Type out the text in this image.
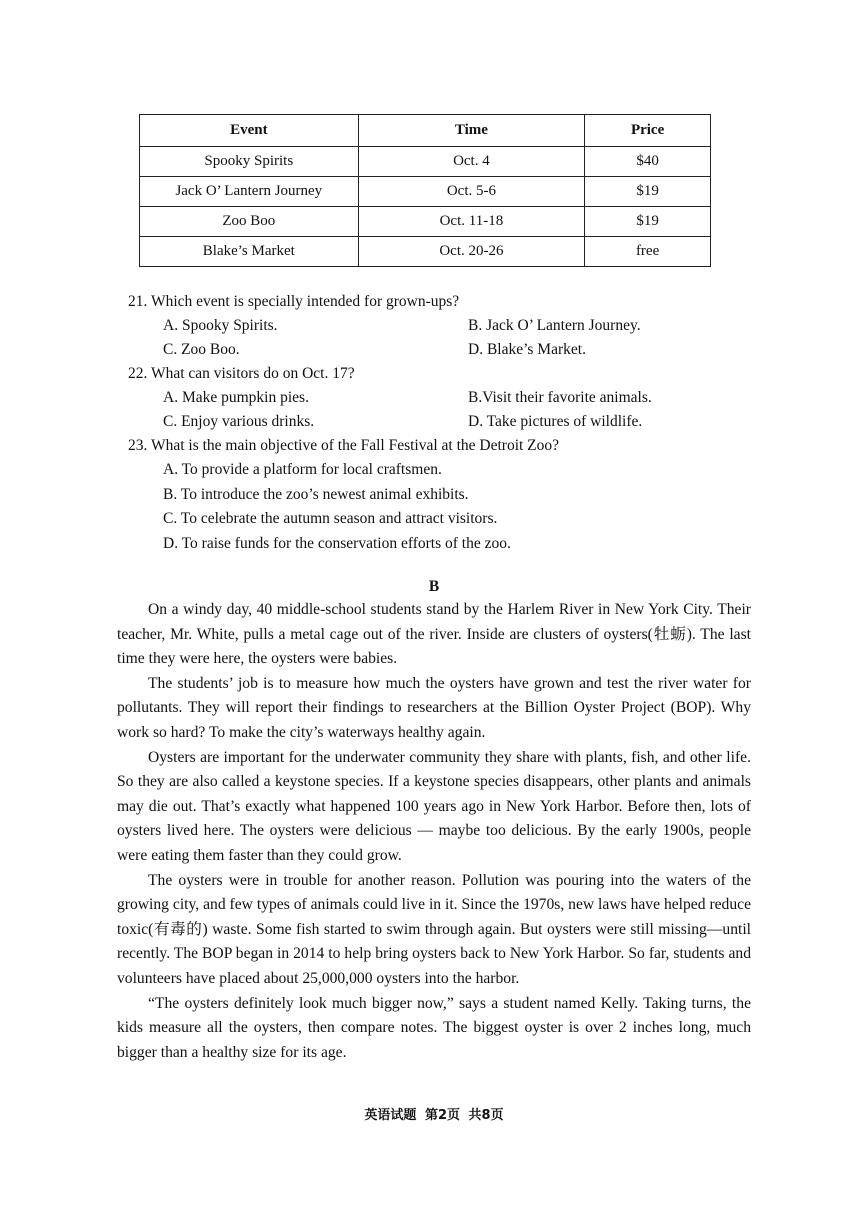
Event	Time	Price
Spooky Spirits	Oct. 4	$40
Jack O’ Lantern Journey	Oct. 5-6	$19
Zoo Boo	Oct. 11-18	$19
Blake’s Market	Oct. 20-26	free
21. Which event is specially intended for grown-ups?
A. Spooky Spirits.	B. Jack O’ Lantern Journey.
C. Zoo Boo.	D. Blake’s Market.
22. What can visitors do on Oct. 17?
A. Make pumpkin pies.	B.Visit their favorite animals.
C. Enjoy various drinks.	D. Take pictures of wildlife.
23. What is the main objective of the Fall Festival at the Detroit Zoo?
A. To provide a platform for local craftsmen.
B. To introduce the zoo’s newest animal exhibits.
C. To celebrate the autumn season and attract visitors.
D. To raise funds for the conservation efforts of the zoo.
B

On a windy day, 40 middle-school students stand by the Harlem River in New York City. Their teacher, Mr. White, pulls a metal cage out of the river. Inside are clusters of oysters(牡蛎). The last time they were here, the oysters were babies.

The students’ job is to measure how much the oysters have grown and test the river water for pollutants. They will report their findings to researchers at the Billion Oyster Project (BOP). Why work so hard? To make the city’s waterways healthy again.

Oysters are important for the underwater community they share with plants, fish, and other life. So they are also called a keystone species. If a keystone species disappears, other plants and animals may die out. That’s exactly what happened 100 years ago in New York Harbor. Before then, lots of oysters lived here. The oysters were delicious — maybe too delicious. By the early 1900s, people were eating them faster than they could grow.

The oysters were in trouble for another reason. Pollution was pouring into the waters of the growing city, and few types of animals could live in it. Since the 1970s, new laws have helped reduce toxic(有毒的) waste. Some fish started to swim through again. But oysters were still missing—until recently. The BOP began in 2014 to help bring oysters back to New York Harbor. So far, students and volunteers have placed about 25,000,000 oysters into the harbor.

“The oysters definitely look much bigger now,” says a student named Kelly. Taking turns, the kids measure all the oysters, then compare notes. The biggest oyster is over 2 inches long, much bigger than a healthy size for its age.

英语试题 第2页 共8页
